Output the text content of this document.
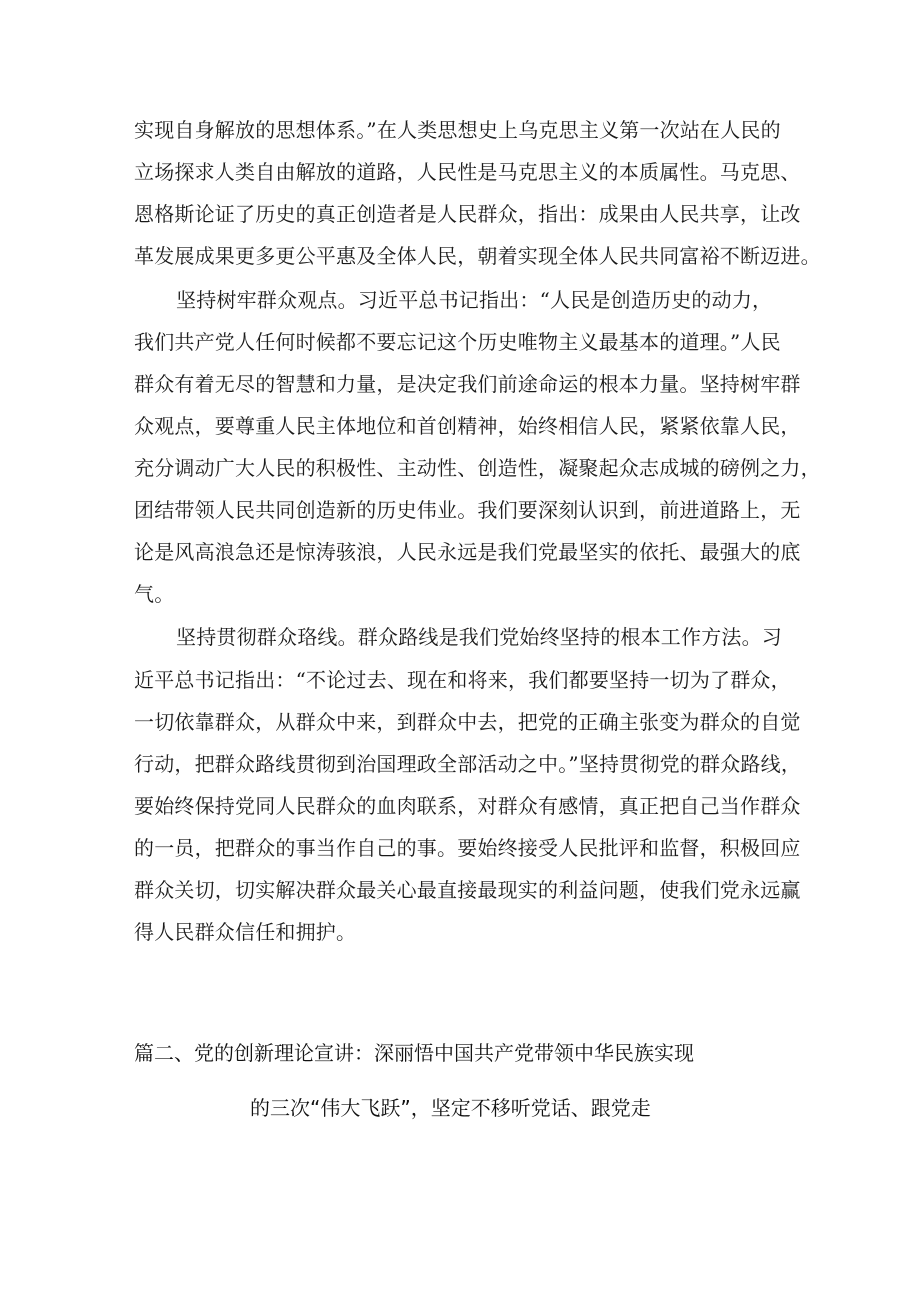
实现自身解放的思想体系。”在人类思想史上乌克思主义第一次站在人民的
立场探求人类自由解放的道路，人民性是马克思主义的本质属性。马克思、
恩格斯论证了历史的真正创造者是人民群众，指出：成果由人民共享，让改
革发展成果更多更公平惠及全体人民，朝着实现全体人民共同富裕不断迈进。
坚持树牢群众观点。习近平总书记指出：“人民是创造历史的动力，
我们共产党人任何时候都不要忘记这个历史唯物主义最基本的道理。”人民
群众有着无尽的智慧和力量，是决定我们前途命运的根本力量。坚持树牢群
众观点，要尊重人民主体地位和首创精神，始终相信人民，紧紧依靠人民，
充分调动广大人民的积极性、主动性、创造性，凝聚起众志成城的磅例之力，
团结带领人民共同创造新的历史伟业。我们要深刻认识到，前进道路上，无
论是风高浪急还是惊涛骇浪，人民永远是我们党最坚实的依托、最强大的底
气。
坚持贯彻群众珞线。群众路线是我们党始终坚持的根本工作方法。习
近平总书记指出：“不论过去、现在和将来，我们都要坚持一切为了群众，
一切依靠群众，从群众中来，到群众中去，把党的正确主张变为群众的自觉
行动，把群众路线贯彻到治国理政全部活动之中。”坚持贯彻党的群众路线，
要始终保持党同人民群众的血肉联系，对群众有感情，真正把自己当作群众
的一员，把群众的事当作自己的事。要始终接受人民批评和监督，积极回应
群众关切，切实解决群众最关心最直接最现实的利益问题，使我们党永远赢
得人民群众信任和拥护。
篇二、党的创新理论宣讲：深丽悟中国共产党带领中华民族实现
的三次“伟大飞跃”，坚定不移听党话、跟党走
